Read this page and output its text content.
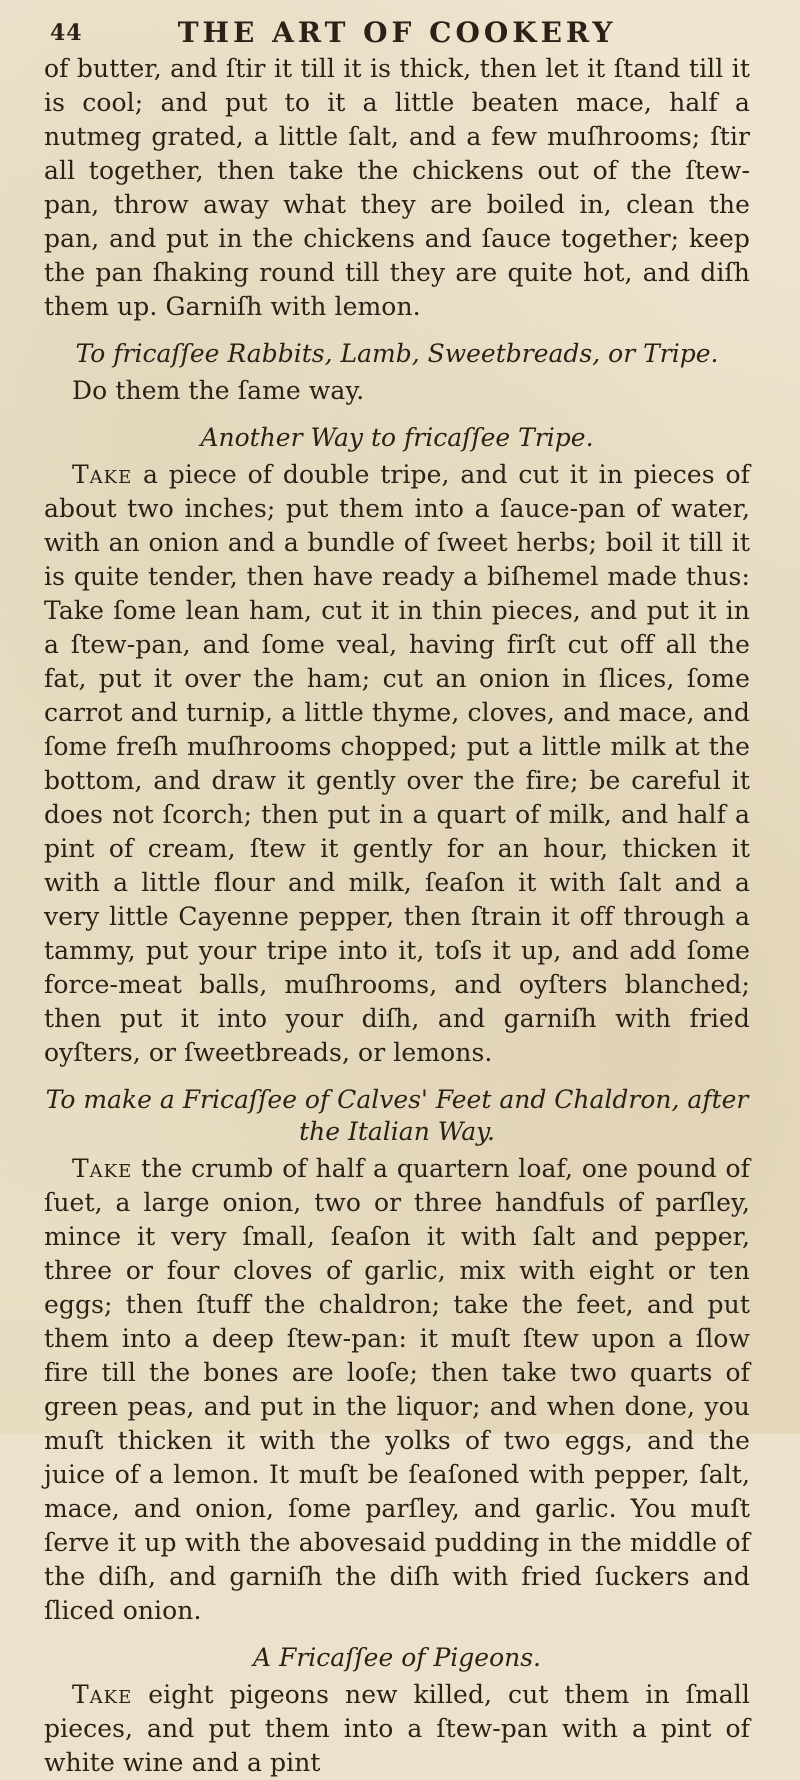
44	THE ART OF COOKERY

of butter, and ſtir it till it is thick, then let it ſtand till it is cool; and put to it a little beaten mace, half a nutmeg grated, a little ſalt, and a few muſhrooms; ſtir all together, then take the chickens out of the ſtew-pan, throw away what they are boiled in, clean the pan, and put in the chickens and ſauce together; keep the pan ſhaking round till they are quite hot, and diſh them up. Garniſh with lemon.

To fricaſſee Rabbits, Lamb, Sweetbreads, or Tripe.

Do them the ſame way.

Another Way to fricaſſee Tripe.

Take a piece of double tripe, and cut it in pieces of about two inches; put them into a ſauce-pan of water, with an onion and a bundle of ſweet herbs; boil it till it is quite tender, then have ready a biſhemel made thus: Take ſome lean ham, cut it in thin pieces, and put it in a ſtew-pan, and ſome veal, having firſt cut off all the fat, put it over the ham; cut an onion in ſlices, ſome carrot and turnip, a little thyme, cloves, and mace, and ſome freſh muſhrooms chopped; put a little milk at the bottom, and draw it gently over the fire; be careful it does not ſcorch; then put in a quart of milk, and half a pint of cream, ſtew it gently for an hour, thicken it with a little flour and milk, ſeaſon it with ſalt and a very little Cayenne pepper, then ſtrain it off through a tammy, put your tripe into it, toſs it up, and add ſome force-meat balls, muſhrooms, and oyſters blanched; then put it into your diſh, and garniſh with fried oyſters, or ſweetbreads, or lemons.

To make a Fricaſſee of Calves' Feet and Chaldron, after the Italian Way.

Take the crumb of half a quartern loaf, one pound of ſuet, a large onion, two or three handfuls of parſley, mince it very ſmall, ſeaſon it with ſalt and pepper, three or four cloves of garlic, mix with eight or ten eggs; then ſtuff the chaldron; take the feet, and put them into a deep ſtew-pan: it muſt ſtew upon a ſlow fire till the bones are looſe; then take two quarts of green peas, and put in the liquor; and when done, you muſt thicken it with the yolks of two eggs, and the juice of a lemon. It muſt be ſeaſoned with pepper, ſalt, mace, and onion, ſome parſley, and garlic. You muſt ſerve it up with the abovesaid pudding in the middle of the diſh, and garniſh the diſh with fried ſuckers and ſliced onion.

A Fricaſſee of Pigeons.

Take eight pigeons new killed, cut them in ſmall pieces, and put them into a ſtew-pan with a pint of white wine and a pint
